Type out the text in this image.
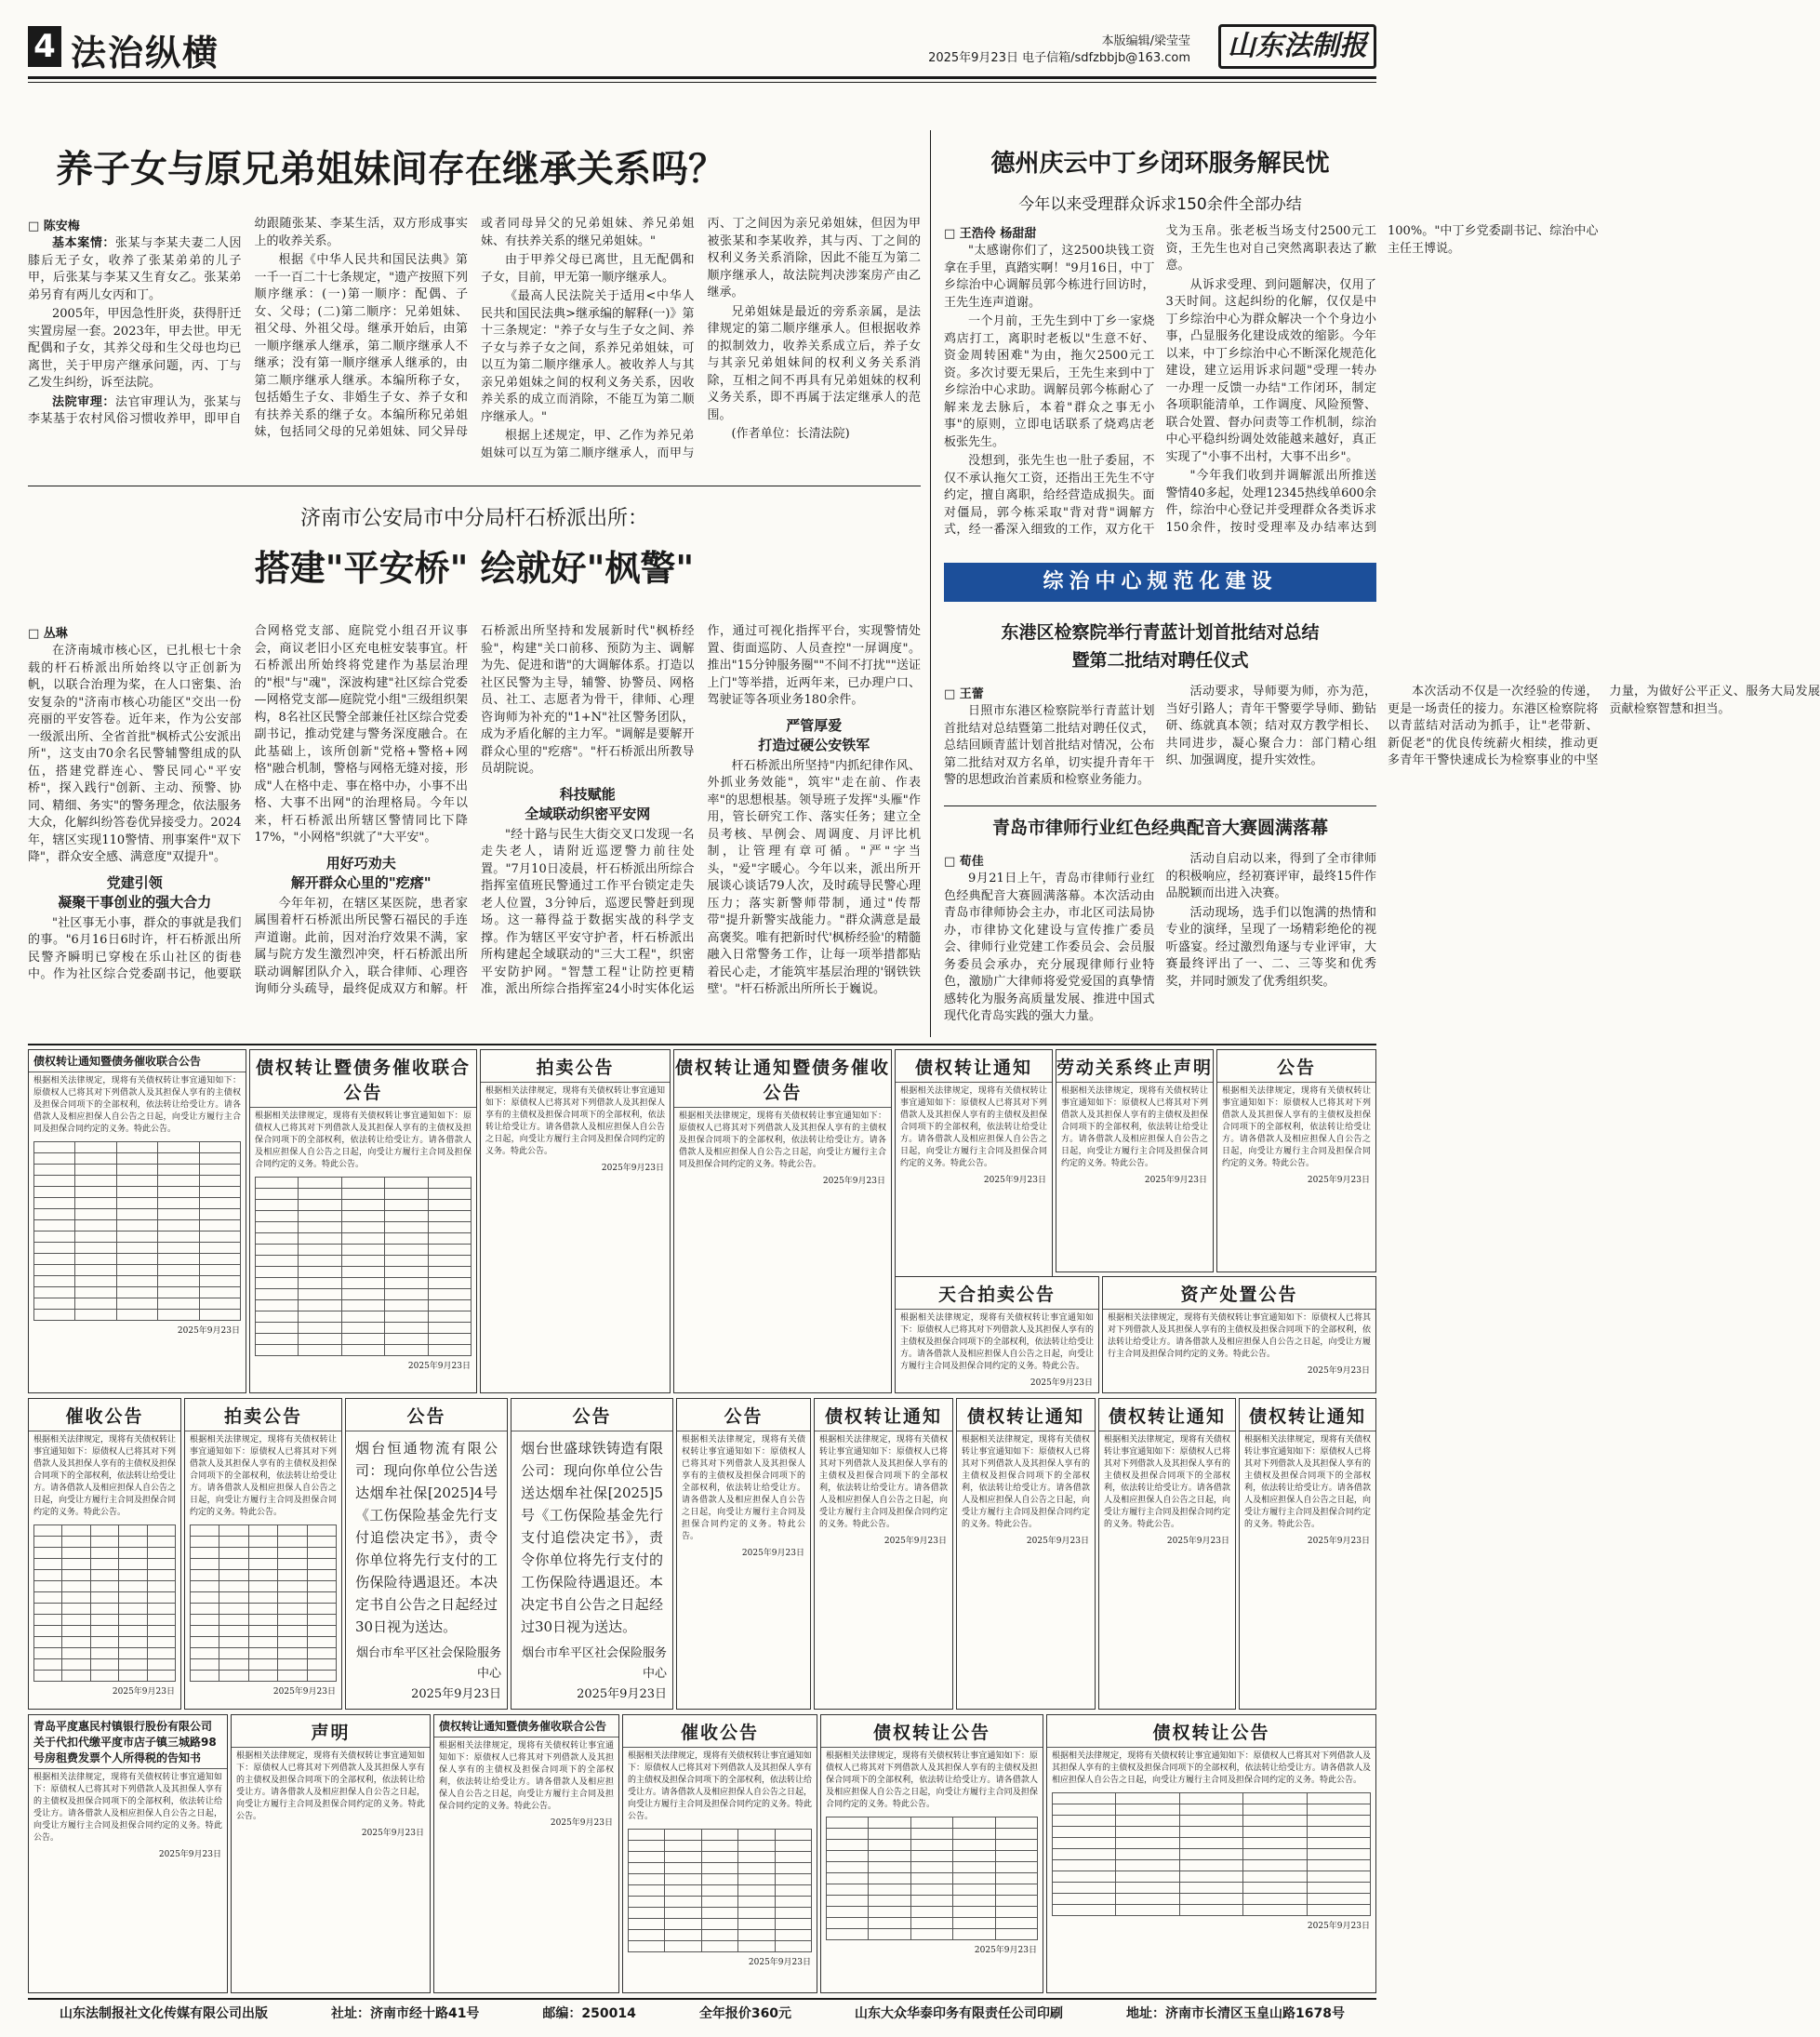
4 法治纵横	本版编辑/梁莹莹
2025年9月23日 电子信箱/sdfzbbjb@163.com	山东法制报
养子女与原兄弟姐妹间存在继承关系吗？
□ 陈安梅

基本案情：张某与李某夫妻二人因膝后无子女，收养了张某弟弟的儿子甲，后张某与李某又生育女乙。张某弟弟另育有两儿女丙和丁。

2005年，甲因急性肝炎，获得肝迁实置房屋一套。2023年，甲去世。甲无配偶和子女，其养父母和生父母也均已离世，关于甲房产继承问题，丙、丁与乙发生纠纷，诉至法院。

法院审理：法官审理认为，张某与李某基于农村风俗习惯收养甲，即甲自幼跟随张某、李某生活，双方形成事实上的收养关系。

根据《中华人民共和国民法典》第一千一百二十七条规定，"遗产按照下列顺序继承：(一)第一顺序：配偶、子女、父母；(二)第二顺序：兄弟姐妹、祖父母、外祖父母。继承开始后，由第一顺序继承人继承，第二顺序继承人不继承；没有第一顺序继承人继承的，由第二顺序继承人继承。本编所称子女，包括婚生子女、非婚生子女、养子女和有扶养关系的继子女。本编所称兄弟姐妹，包括同父母的兄弟姐妹、同父异母或者同母异父的兄弟姐妹、养兄弟姐妹、有扶养关系的继兄弟姐妹。"

由于甲养父母已离世，且无配偶和子女，目前，甲无第一顺序继承人。

《最高人民法院关于适用<中华人民共和国民法典>继承编的解释(一)》第十三条规定："养子女与生子女之间、养子女与养子女之间，系养兄弟姐妹，可以互为第二顺序继承人。被收养人与其亲兄弟姐妹之间的权利义务关系，因收养关系的成立而消除，不能互为第二顺序继承人。"

根据上述规定，甲、乙作为养兄弟姐妹可以互为第二顺序继承人，而甲与丙、丁之间因为亲兄弟姐妹，但因为甲被张某和李某收养，其与丙、丁之间的权利义务关系消除，因此不能互为第二顺序继承人，故法院判决涉案房产由乙继承。

兄弟姐妹是最近的旁系亲属，是法律规定的第二顺序继承人。但根据收养的拟制效力，收养关系成立后，养子女与其亲兄弟姐妹间的权利义务关系消除，互相之间不再具有兄弟姐妹的权利义务关系，即不再属于法定继承人的范围。

(作者单位：长清法院)

济南市公安局市中分局杆石桥派出所：
搭建"平安桥" 绘就好"枫警"
□ 丛琳

在济南城市核心区，已扎根七十余载的杆石桥派出所始终以守正创新为帆，以联合治理为桨，在人口密集、治安复杂的"济南市核心功能区"交出一份亮丽的平安答卷。近年来，作为公安部一级派出所、全省首批"枫桥式公安派出所"，这支由70余名民警辅警组成的队伍，搭建党群连心、警民同心"平安桥"，探入践行"创新、主动、预警、协同、精细、务实"的警务理念，依法服务大众，化解纠纷答卷优异接受力。2024年，辖区实现110警情、刑事案件"双下降"，群众安全感、满意度"双提升"。

党建引领
凝聚干事创业的强大合力

"社区事无小事，群众的事就是我们的事。"6月16日6时许，杆石桥派出所民警齐瞬明已穿梭在乐山社区的街巷中。作为社区综合党委副书记，他要联合网格党支部、庭院党小组召开议事会，商议老旧小区充电桩安装事宜。杆石桥派出所始终将党建作为基层治理的"根"与"魂"，深波构建"社区综合党委—网格党支部—庭院党小组"三级组织架构，8名社区民警全部兼任社区综合党委副书记，推动党建与警务深度融合。在此基础上，该所创新"党格+警格+网格"融合机制，警格与网格无缝对接，形成"人在格中走、事在格中办，小事不出格、大事不出网"的治理格局。今年以来，杆石桥派出所辖区警情同比下降17%，"小网格"织就了"大平安"。

用好巧劝夫
解开群众心里的"疙瘩"

今年年初，在辖区某医院，患者家属围着杆石桥派出所民警石福民的手连声道谢。此前，因对治疗效果不满，家属与院方发生激烈冲突，杆石桥派出所联动调解团队介入，联合律师、心理咨询师分头疏导，最终促成双方和解。杆石桥派出所坚持和发展新时代"枫桥经验"，构建"关口前移、预防为主、调解为先、促进和谐"的大调解体系。打造以社区民警为主导，辅警、协警员、网格员、社工、志愿者为骨干，律师、心理咨询师为补充的"1+N"社区警务团队，成为矛盾化解的主力军。"调解是要解开群众心里的"疙瘩"。"杆石桥派出所教导员胡院说。

科技赋能
全域联动织密平安网

"经十路与民生大街交叉口发现一名走失老人，请附近巡逻警力前往处置。"7月10日凌晨，杆石桥派出所综合指挥室值班民警通过工作平台锁定走失老人位置，3分钟后，巡逻民警赶到现场。这一幕得益于数据实战的科学支撑。作为辖区平安守护者，杆石桥派出所构建起全域联动的"三大工程"，织密平安防护网。"智慧工程"让防控更精准，派出所综合指挥室24小时实体化运作，通过可视化指挥平台，实现警情处置、街面巡防、人员查控"一屏调度"。推出"15分钟服务圈""不间不打扰""送证上门"等举措，近两年来，已办理户口、驾驶证等各项业务180余件。

严管厚爱
打造过硬公安铁军

杆石桥派出所坚持"内抓纪律作风、外抓业务效能"，筑牢"走在前、作表率"的思想根基。领导班子发挥"头雁"作用，管长研究工作、落实任务；建立全员考核、早例会、周调度、月评比机制，让管理有章可循。"严"字当头，"爱"字暖心。今年以来，派出所开展谈心谈话79人次，及时疏导民警心理压力；落实新警师带制，通过"传帮带"提升新警实战能力。"群众满意是最高褒奖。唯有把新时代'枫桥经验'的精髓融入日常警务工作，让每一项举措都贴着民心走，才能筑牢基层治理的'钢铁铁壁'。"杆石桥派出所所长于巍说。

德州庆云中丁乡闭环服务解民忧
今年以来受理群众诉求150余件全部办结
□ 王浩伶 杨甜甜

"太感谢你们了，这2500块钱工资拿在手里，真踏实啊！"9月16日，中丁乡综治中心调解员郭今栋进行回访时，王先生连声道谢。

一个月前，王先生到中丁乡一家烧鸡店打工，离职时老板以"生意不好、资金周转困难"为由，拖欠2500元工资。多次讨要无果后，王先生来到中丁乡综治中心求助。调解员郭今栋耐心了解来龙去脉后，本着"群众之事无小事"的原则，立即电话联系了烧鸡店老板张先生。

没想到，张先生也一肚子委屈，不仅不承认拖欠工资，还指出王先生不守约定，擅自离职，给经营造成损失。面对僵局，郭今栋采取"背对背"调解方式，经一番深入细致的工作，双方化干戈为玉帛。张老板当场支付2500元工资，王先生也对自己突然离职表达了歉意。

从诉求受理、到问题解决，仅用了3天时间。这起纠纷的化解，仅仅是中丁乡综治中心为群众解决一个个身边小事，凸显服务化建设成效的缩影。今年以来，中丁乡综治中心不断深化规范化建设，建立运用诉求问题"受理一转办一办理一反馈一办结"工作闭环，制定各项职能清单，工作调度、风险预警、联合处置、督办问责等工作机制，综治中心平稳纠纷调处效能越来越好，真正实现了"小事不出村，大事不出乡"。

"今年我们收到并调解派出所推送警情40多起，处理12345热线单600余件，综治中心登记并受理群众各类诉求150余件，按时受理率及办结率达到100%。"中丁乡党委副书记、综治中心主任王博说。

综治中心规范化建设
东港区检察院举行青蓝计划首批结对总结
暨第二批结对聘任仪式
□ 王蕾

日照市东港区检察院举行青蓝计划首批结对总结暨第二批结对聘任仪式，总结回顾青蓝计划首批结对情况，公布第二批结对双方名单，切实提升青年干警的思想政治首素质和检察业务能力。

活动要求，导师要为师，亦为范，当好引路人；青年干警要学导师、勤钻研、练就真本领；结对双方教学相长、共同进步，凝心聚合力：部门精心组织、加强调度，提升实效性。

本次活动不仅是一次经验的传递，更是一场责任的接力。东港区检察院将以青蓝结对活动为抓手，让"老带新、新促老"的优良传统薪火相续，推动更多青年干警快速成长为检察事业的中坚力量，为做好公平正义、服务大局发展贡献检察智慧和担当。

青岛市律师行业红色经典配音大赛圆满落幕
□ 荀佳

9月21日上午，青岛市律师行业红色经典配音大赛圆满落幕。本次活动由青岛市律师协会主办，市北区司法局协办，市律协文化建设与宣传推广委员会、律师行业党建工作委员会、会员服务委员会承办，充分展现律师行业特色，激励广大律师将爱党爱国的真挚情感转化为服务高质量发展、推进中国式现代化青岛实践的强大力量。

活动自启动以来，得到了全市律师的积极响应，经初赛评审，最终15件作品脱颖而出进入决赛。

活动现场，选手们以饱满的热情和专业的演绎，呈现了一场精彩绝伦的视听盛宴。经过激烈角逐与专业评审，大赛最终评出了一、二、三等奖和优秀奖，并同时颁发了优秀组织奖。

债权转让通知暨债务催收联合公告
根据相关法律规定，现将有关债权转让事宜通知如下：原债权人已将其对下列借款人及其担保人享有的主债权及担保合同项下的全部权利，依法转让给受让方。请各借款人及相应担保人自公告之日起，向受让方履行主合同及担保合同约定的义务。特此公告。

2025年9月23日
债权转让暨债务催收联合公告
根据相关法律规定，现将有关债权转让事宜通知如下：原债权人已将其对下列借款人及其担保人享有的主债权及担保合同项下的全部权利，依法转让给受让方。请各借款人及相应担保人自公告之日起，向受让方履行主合同及担保合同约定的义务。特此公告。

2025年9月23日
拍卖公告
根据相关法律规定，现将有关债权转让事宜通知如下：原债权人已将其对下列借款人及其担保人享有的主债权及担保合同项下的全部权利，依法转让给受让方。请各借款人及相应担保人自公告之日起，向受让方履行主合同及担保合同约定的义务。特此公告。
2025年9月23日
债权转让通知暨债务催收公告
根据相关法律规定，现将有关债权转让事宜通知如下：原债权人已将其对下列借款人及其担保人享有的主债权及担保合同项下的全部权利，依法转让给受让方。请各借款人及相应担保人自公告之日起，向受让方履行主合同及担保合同约定的义务。特此公告。
2025年9月23日
债权转让通知
根据相关法律规定，现将有关债权转让事宜通知如下：原债权人已将其对下列借款人及其担保人享有的主债权及担保合同项下的全部权利，依法转让给受让方。请各借款人及相应担保人自公告之日起，向受让方履行主合同及担保合同约定的义务。特此公告。
2025年9月23日
劳动关系终止声明
根据相关法律规定，现将有关债权转让事宜通知如下：原债权人已将其对下列借款人及其担保人享有的主债权及担保合同项下的全部权利，依法转让给受让方。请各借款人及相应担保人自公告之日起，向受让方履行主合同及担保合同约定的义务。特此公告。
2025年9月23日
公告
根据相关法律规定，现将有关债权转让事宜通知如下：原债权人已将其对下列借款人及其担保人享有的主债权及担保合同项下的全部权利，依法转让给受让方。请各借款人及相应担保人自公告之日起，向受让方履行主合同及担保合同约定的义务。特此公告。
2025年9月23日
天合拍卖公告
根据相关法律规定，现将有关债权转让事宜通知如下：原债权人已将其对下列借款人及其担保人享有的主债权及担保合同项下的全部权利，依法转让给受让方。请各借款人及相应担保人自公告之日起，向受让方履行主合同及担保合同约定的义务。特此公告。
2025年9月23日
资产处置公告
根据相关法律规定，现将有关债权转让事宜通知如下：原债权人已将其对下列借款人及其担保人享有的主债权及担保合同项下的全部权利，依法转让给受让方。请各借款人及相应担保人自公告之日起，向受让方履行主合同及担保合同约定的义务。特此公告。
2025年9月23日
催收公告
根据相关法律规定，现将有关债权转让事宜通知如下：原债权人已将其对下列借款人及其担保人享有的主债权及担保合同项下的全部权利，依法转让给受让方。请各借款人及相应担保人自公告之日起，向受让方履行主合同及担保合同约定的义务。特此公告。

2025年9月23日
拍卖公告
根据相关法律规定，现将有关债权转让事宜通知如下：原债权人已将其对下列借款人及其担保人享有的主债权及担保合同项下的全部权利，依法转让给受让方。请各借款人及相应担保人自公告之日起，向受让方履行主合同及担保合同约定的义务。特此公告。

2025年9月23日
公告
烟台恒通物流有限公司：现向你单位公告送达烟牟社保[2025]4号《工伤保险基金先行支付追偿决定书》，责令你单位将先行支付的工伤保险待遇退还。本决定书自公告之日起经过30日视为送达。
烟台市牟平区社会保险服务中心
2025年9月23日
公告
烟台世盛球铁铸造有限公司：现向你单位公告送达烟牟社保[2025]5号《工伤保险基金先行支付追偿决定书》，责令你单位将先行支付的工伤保险待遇退还。本决定书自公告之日起经过30日视为送达。
烟台市牟平区社会保险服务中心
2025年9月23日
公告
根据相关法律规定，现将有关债权转让事宜通知如下：原债权人已将其对下列借款人及其担保人享有的主债权及担保合同项下的全部权利，依法转让给受让方。请各借款人及相应担保人自公告之日起，向受让方履行主合同及担保合同约定的义务。特此公告。
2025年9月23日
债权转让通知
根据相关法律规定，现将有关债权转让事宜通知如下：原债权人已将其对下列借款人及其担保人享有的主债权及担保合同项下的全部权利，依法转让给受让方。请各借款人及相应担保人自公告之日起，向受让方履行主合同及担保合同约定的义务。特此公告。
2025年9月23日
债权转让通知
根据相关法律规定，现将有关债权转让事宜通知如下：原债权人已将其对下列借款人及其担保人享有的主债权及担保合同项下的全部权利，依法转让给受让方。请各借款人及相应担保人自公告之日起，向受让方履行主合同及担保合同约定的义务。特此公告。
2025年9月23日
债权转让通知
根据相关法律规定，现将有关债权转让事宜通知如下：原债权人已将其对下列借款人及其担保人享有的主债权及担保合同项下的全部权利，依法转让给受让方。请各借款人及相应担保人自公告之日起，向受让方履行主合同及担保合同约定的义务。特此公告。
2025年9月23日
债权转让通知
根据相关法律规定，现将有关债权转让事宜通知如下：原债权人已将其对下列借款人及其担保人享有的主债权及担保合同项下的全部权利，依法转让给受让方。请各借款人及相应担保人自公告之日起，向受让方履行主合同及担保合同约定的义务。特此公告。
2025年9月23日
青岛平度惠民村镇银行股份有限公司关于代扣代缴平度市店子镇三城路98号房租费发票个人所得税的告知书
根据相关法律规定，现将有关债权转让事宜通知如下：原债权人已将其对下列借款人及其担保人享有的主债权及担保合同项下的全部权利，依法转让给受让方。请各借款人及相应担保人自公告之日起，向受让方履行主合同及担保合同约定的义务。特此公告。
2025年9月23日
声明
根据相关法律规定，现将有关债权转让事宜通知如下：原债权人已将其对下列借款人及其担保人享有的主债权及担保合同项下的全部权利，依法转让给受让方。请各借款人及相应担保人自公告之日起，向受让方履行主合同及担保合同约定的义务。特此公告。
2025年9月23日
债权转让通知暨债务催收联合公告
根据相关法律规定，现将有关债权转让事宜通知如下：原债权人已将其对下列借款人及其担保人享有的主债权及担保合同项下的全部权利，依法转让给受让方。请各借款人及相应担保人自公告之日起，向受让方履行主合同及担保合同约定的义务。特此公告。
2025年9月23日
催收公告
根据相关法律规定，现将有关债权转让事宜通知如下：原债权人已将其对下列借款人及其担保人享有的主债权及担保合同项下的全部权利，依法转让给受让方。请各借款人及相应担保人自公告之日起，向受让方履行主合同及担保合同约定的义务。特此公告。

2025年9月23日
债权转让公告
根据相关法律规定，现将有关债权转让事宜通知如下：原债权人已将其对下列借款人及其担保人享有的主债权及担保合同项下的全部权利，依法转让给受让方。请各借款人及相应担保人自公告之日起，向受让方履行主合同及担保合同约定的义务。特此公告。

2025年9月23日
债权转让公告
根据相关法律规定，现将有关债权转让事宜通知如下：原债权人已将其对下列借款人及其担保人享有的主债权及担保合同项下的全部权利，依法转让给受让方。请各借款人及相应担保人自公告之日起，向受让方履行主合同及担保合同约定的义务。特此公告。

2025年9月23日
山东法制报社文化传媒有限公司出版	社址：济南市经十路41号	邮编：250014	全年报价360元	山东大众华泰印务有限责任公司印刷	地址：济南市长清区玉皇山路1678号
